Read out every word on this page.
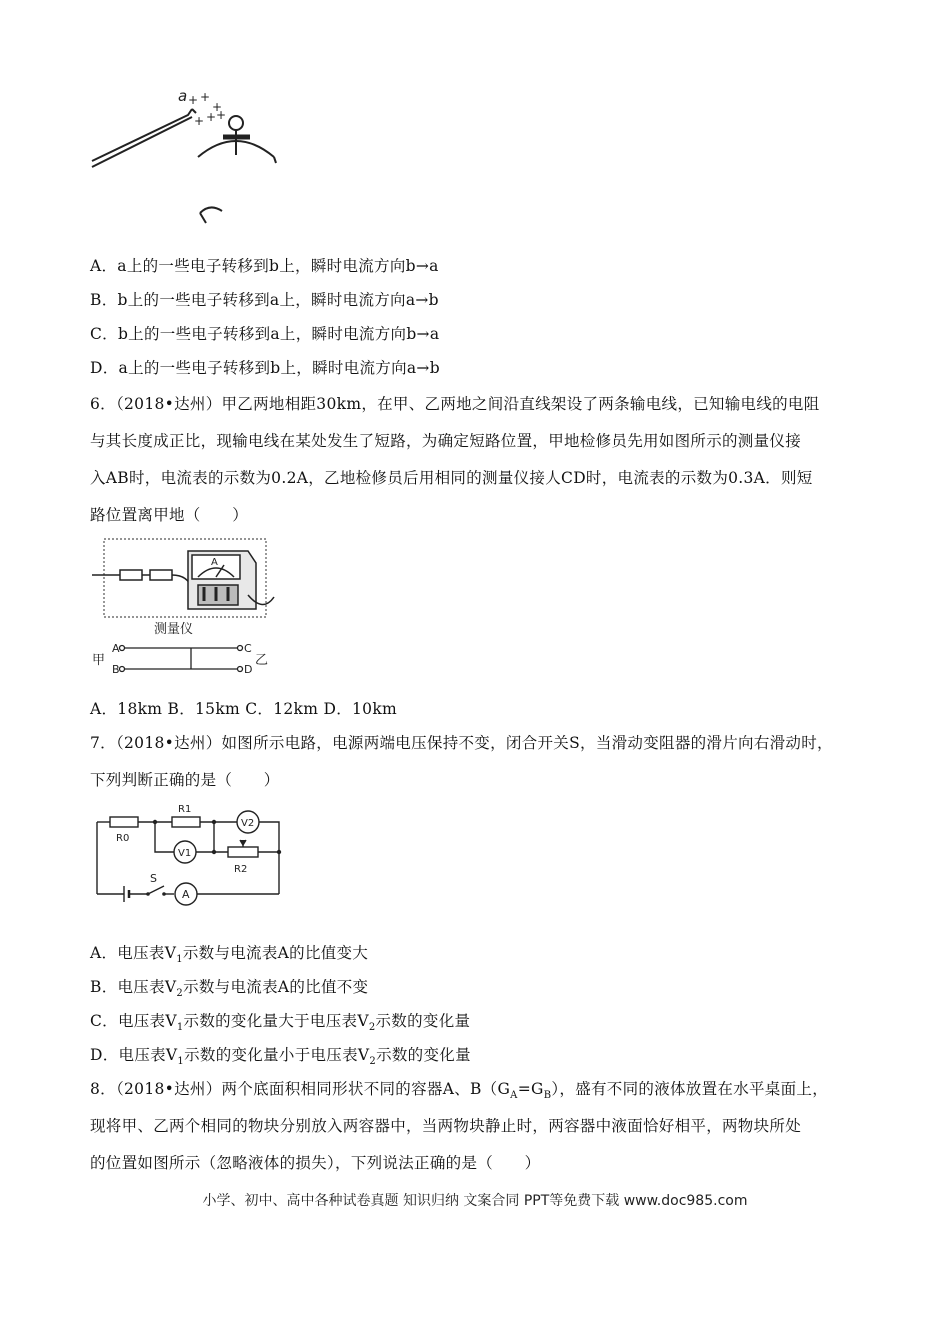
a + +
+
+ + +
A．a上的一些电子转移到b上，瞬时电流方向b→a
B．b上的一些电子转移到a上，瞬时电流方向a→b
C．b上的一些电子转移到a上，瞬时电流方向b→a
D．a上的一些电子转移到b上，瞬时电流方向a→b
6．（2018•达州）甲乙两地相距30km，在甲、乙两地之间沿直线架设了两条输电线，已知输电线的电阻
与其长度成正比，现输电线在某处发生了短路，为确定短路位置，甲地检修员先用如图所示的测量仪接
入AB时，电流表的示数为0.2A，乙地检修员后用相同的测量仪接人CD时，电流表的示数为0.3A．则短
路位置离甲地（　　）
A
测量仪
A
B
C
D
甲	乙
A．18km B．15km C．12km D．10km
7．（2018•达州）如图所示电路，电源两端电压保持不变，闭合开关S，当滑动变阻器的滑片向右滑动时，
下列判断正确的是（　　）
R0
R1
R2
V1
V2
A
S
A．电压表$V_1$示数与电流表A的比值变大
B．电压表$V_2$示数与电流表A的比值不变
C．电压表$V_1$示数的变化量大于电压表$V_2$示数的变化量
D．电压表$V_1$示数的变化量小于电压表$V_2$示数的变化量
8．（2018•达州）两个底面积相同形状不同的容器A、$B(G_A=G_B)$，盛有不同的液体放置在水平桌面上，
现将甲、乙两个相同的物块分别放入两容器中，当两物块静止时，两容器中液面恰好相平，两物块所处
的位置如图所示（忽略液体的损失），下列说法正确的是（　　）
小学、初中、高中各种试卷真题 知识归纳 文案合同 PPT等免费下载 www.doc985.com
